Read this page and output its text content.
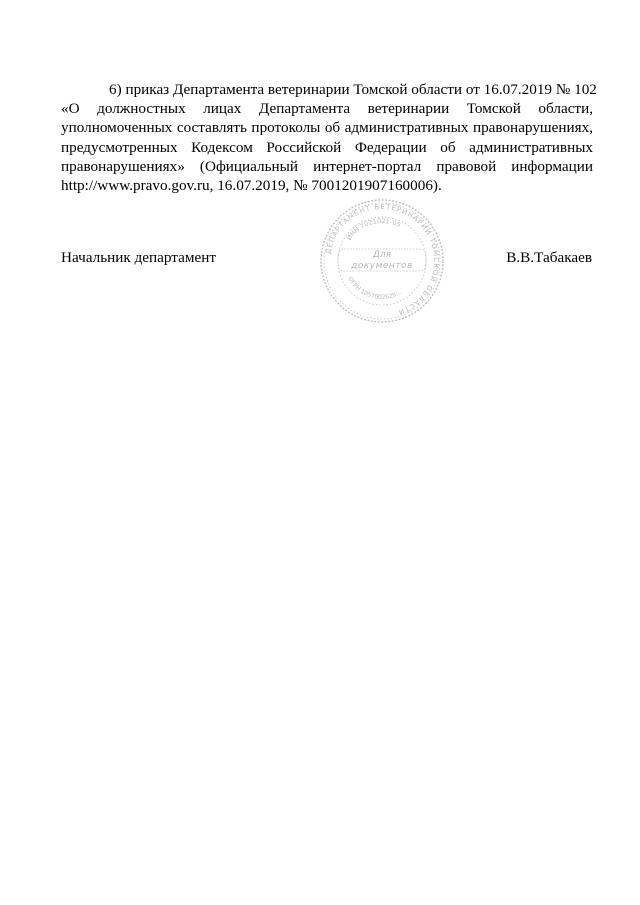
6) приказ Департамента ветеринарии Томской области от 16.07.2019 № 102
«О должностных лицах Департамента ветеринарии Томской области,
уполномоченных составлять протоколы об административных правонарушениях,
предусмотренных Кодексом Российской Федерации об административных
правонарушениях» (Официальный интернет-портал правовой информации
http://www.pravo.gov.ru, 16.07.2019, № 7001201907160006).
Начальник департамент	ДЕПАРТАМЕНТ ВЕТЕРИНАРИИ ТОМСКОЙ ОБЛАСТИ
ИНН 7021021-05
ОГРН 1057002629...
Для
документов	В.В.Табакаев
